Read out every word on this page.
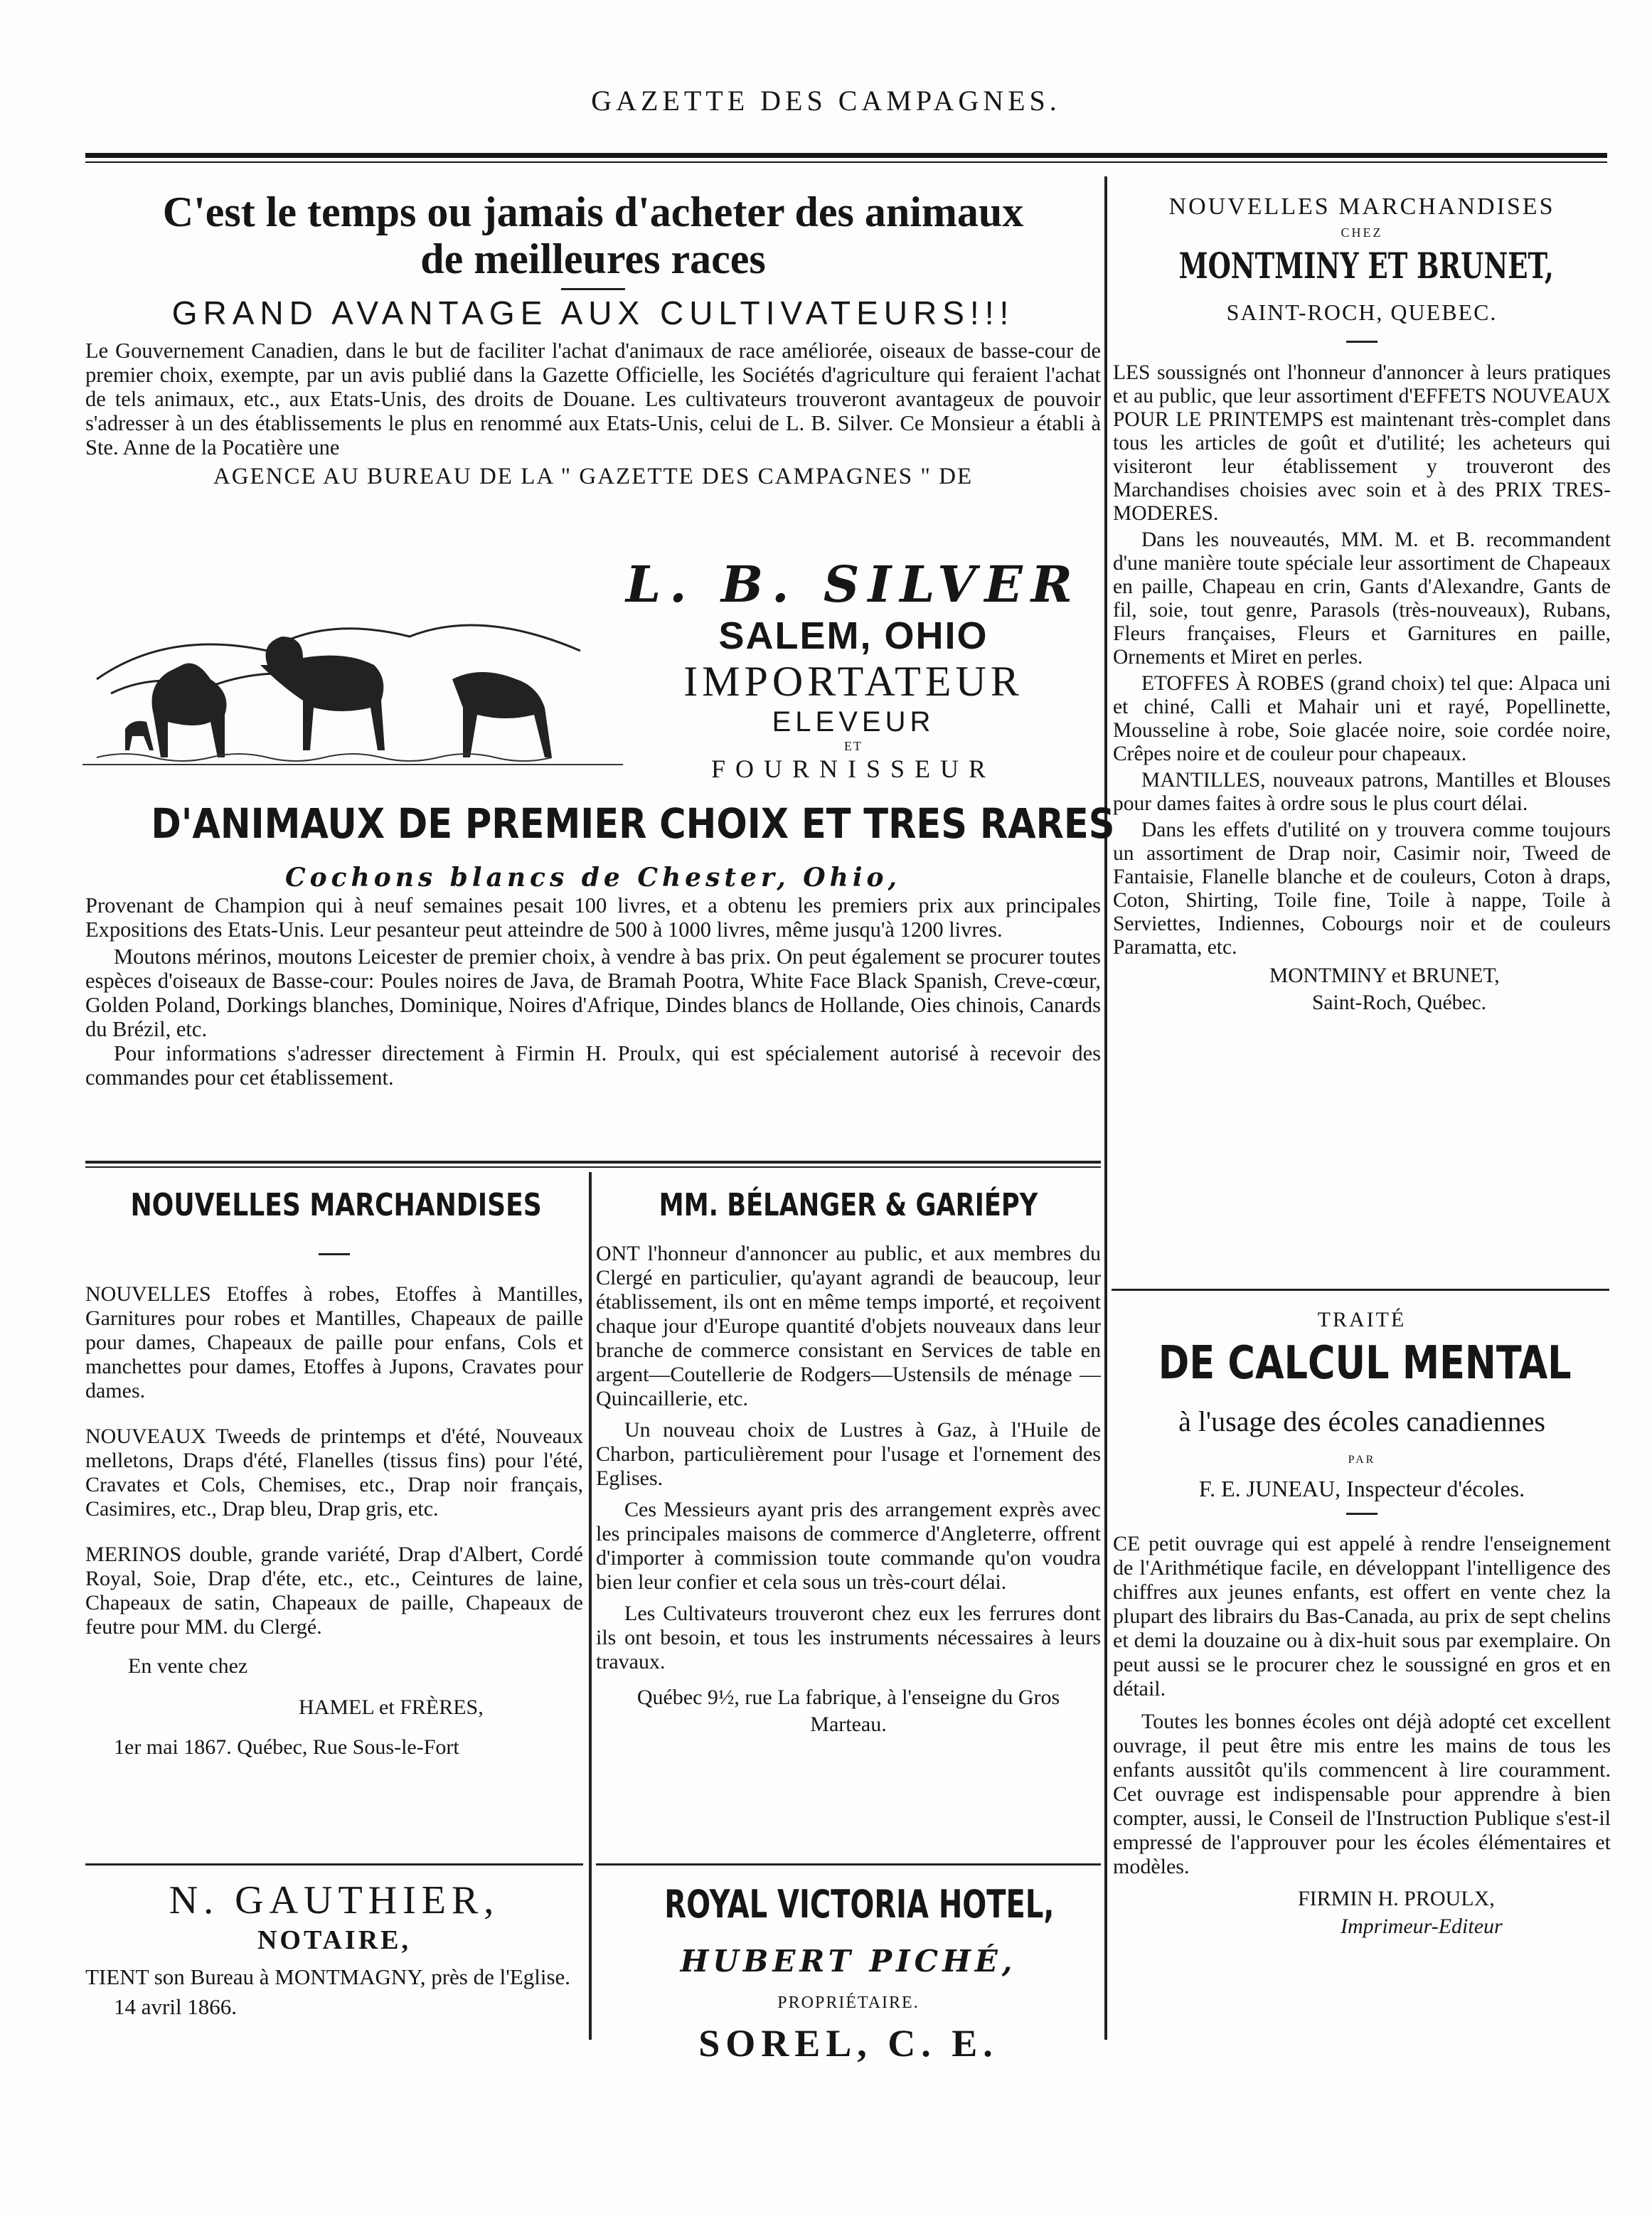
GAZETTE DES CAMPAGNES.

C'est le temps ou jamais d'acheter des animaux

de meilleures races

GRAND AVANTAGE AUX CULTIVATEURS!!!

Le Gouvernement Canadien, dans le but de faciliter l'achat d'animaux de race améliorée, oiseaux de basse-cour de premier choix, exempte, par un avis publié dans la Gazette Officielle, les Sociétés d'agriculture qui feraient l'achat de tels animaux, etc., aux Etats-Unis, des droits de Douane. Les cultivateurs trouveront avantageux de pouvoir s'adresser à un des établissements le plus en renommé aux Etats-Unis, celui de L. B. Silver. Ce Monsieur a établi à Ste. Anne de la Pocatière une

AGENCE AU BUREAU DE LA " GAZETTE DES CAMPAGNES " DE

L. B. SILVER

SALEM, OHIO

IMPORTATEUR

ELEVEUR

ET

FOURNISSEUR

D'ANIMAUX DE PREMIER CHOIX ET TRES RARES

Cochons blancs de Chester, Ohio,

Provenant de Champion qui à neuf semaines pesait 100 livres, et a obtenu les premiers prix aux principales Expositions des Etats-Unis. Leur pesanteur peut atteindre de 500 à 1000 livres, même jusqu'à 1200 livres.

Moutons mérinos, moutons Leicester de premier choix, à vendre à bas prix. On peut également se procurer toutes espèces d'oiseaux de Basse-cour: Poules noires de Java, de Bramah Pootra, White Face Black Spanish, Creve-cœur, Golden Poland, Dorkings blanches, Dominique, Noires d'Afrique, Dindes blancs de Hollande, Oies chinois, Canards du Brézil, etc.

Pour informations s'adresser directement à Firmin H. Proulx, qui est spécialement autorisé à recevoir des commandes pour cet établissement.

NOUVELLES MARCHANDISES

NOUVELLES Etoffes à robes, Etoffes à Mantilles, Garnitures pour robes et Mantilles, Chapeaux de paille pour dames, Chapeaux de paille pour enfans, Cols et manchettes pour dames, Etoffes à Jupons, Cravates pour dames.

NOUVEAUX Tweeds de printemps et d'été, Nouveaux melletons, Draps d'été, Flanelles (tissus fins) pour l'été, Cravates et Cols, Chemises, etc., Drap noir français, Casimires, etc., Drap bleu, Drap gris, etc.

MERINOS double, grande variété, Drap d'Albert, Cordé Royal, Soie, Drap d'éte, etc., etc., Ceintures de laine, Chapeaux de satin, Chapeaux de paille, Chapeaux de feutre pour MM. du Clergé.

En vente chez

HAMEL et FRÈRES,

1er mai 1867. Québec, Rue Sous-le-Fort

N. GAUTHIER,

NOTAIRE,

TIENT son Bureau à MONTMAGNY, près de l'Eglise.

14 avril 1866.

MM. BÉLANGER & GARIÉPY

ONT l'honneur d'annoncer au public, et aux membres du Clergé en particulier, qu'ayant agrandi de beaucoup, leur établissement, ils ont en même temps importé, et reçoivent chaque jour d'Europe quantité d'objets nouveaux dans leur branche de commerce consistant en Services de table en argent—Coutellerie de Rodgers—Ustensils de ménage — Quincaillerie, etc.

Un nouveau choix de Lustres à Gaz, à l'Huile de Charbon, particulièrement pour l'usage et l'ornement des Eglises.

Ces Messieurs ayant pris des arrangement exprès avec les principales maisons de commerce d'Angleterre, offrent d'importer à commission toute commande qu'on voudra bien leur confier et cela sous un très-court délai.

Les Cultivateurs trouveront chez eux les ferrures dont ils ont besoin, et tous les instruments nécessaires à leurs travaux.

Québec 9½, rue La fabrique, à l'enseigne du Gros Marteau.

ROYAL VICTORIA HOTEL,

HUBERT PICHÉ,

PROPRIÉTAIRE.

SOREL, C. E.

NOUVELLES MARCHANDISES

CHEZ

MONTMINY ET BRUNET,

SAINT-ROCH, QUEBEC.

LES soussignés ont l'honneur d'annoncer à leurs pratiques et au public, que leur assortiment d'EFFETS NOUVEAUX POUR LE PRINTEMPS est maintenant très-complet dans tous les articles de goût et d'utilité; les acheteurs qui visiteront leur établissement y trouveront des Marchandises choisies avec soin et à des PRIX TRES-MODERES.

Dans les nouveautés, MM. M. et B. recommandent d'une manière toute spéciale leur assortiment de Chapeaux en paille, Chapeau en crin, Gants d'Alexandre, Gants de fil, soie, tout genre, Parasols (très-nouveaux), Rubans, Fleurs françaises, Fleurs et Garnitures en paille, Ornements et Miret en perles.

ETOFFES À ROBES (grand choix) tel que: Alpaca uni et chiné, Calli et Mahair uni et rayé, Popellinette, Mousseline à robe, Soie glacée noire, soie cordée noire, Crêpes noire et de couleur pour chapeaux.

MANTILLES, nouveaux patrons, Mantilles et Blouses pour dames faites à ordre sous le plus court délai.

Dans les effets d'utilité on y trouvera comme toujours un assortiment de Drap noir, Casimir noir, Tweed de Fantaisie, Flanelle blanche et de couleurs, Coton à draps, Coton, Shirting, Toile fine, Toile à nappe, Toile à Serviettes, Indiennes, Cobourgs noir et de couleurs Paramatta, etc.

MONTMINY et BRUNET,

Saint-Roch, Québec.

TRAITÉ

DE CALCUL MENTAL

à l'usage des écoles canadiennes

PAR

F. E. JUNEAU, Inspecteur d'écoles.

CE petit ouvrage qui est appelé à rendre l'enseignement de l'Arithmétique facile, en développant l'intelligence des chiffres aux jeunes enfants, est offert en vente chez la plupart des librairs du Bas-Canada, au prix de sept chelins et demi la douzaine ou à dix-huit sous par exemplaire. On peut aussi se le procurer chez le soussigné en gros et en détail.

Toutes les bonnes écoles ont déjà adopté cet excellent ouvrage, il peut être mis entre les mains de tous les enfants aussitôt qu'ils commencent à lire couramment. Cet ouvrage est indispensable pour apprendre à bien compter, aussi, le Conseil de l'Instruction Publique s'est-il empressé de l'approuver pour les écoles élémentaires et modèles.

FIRMIN H. PROULX,

Imprimeur-Editeur
